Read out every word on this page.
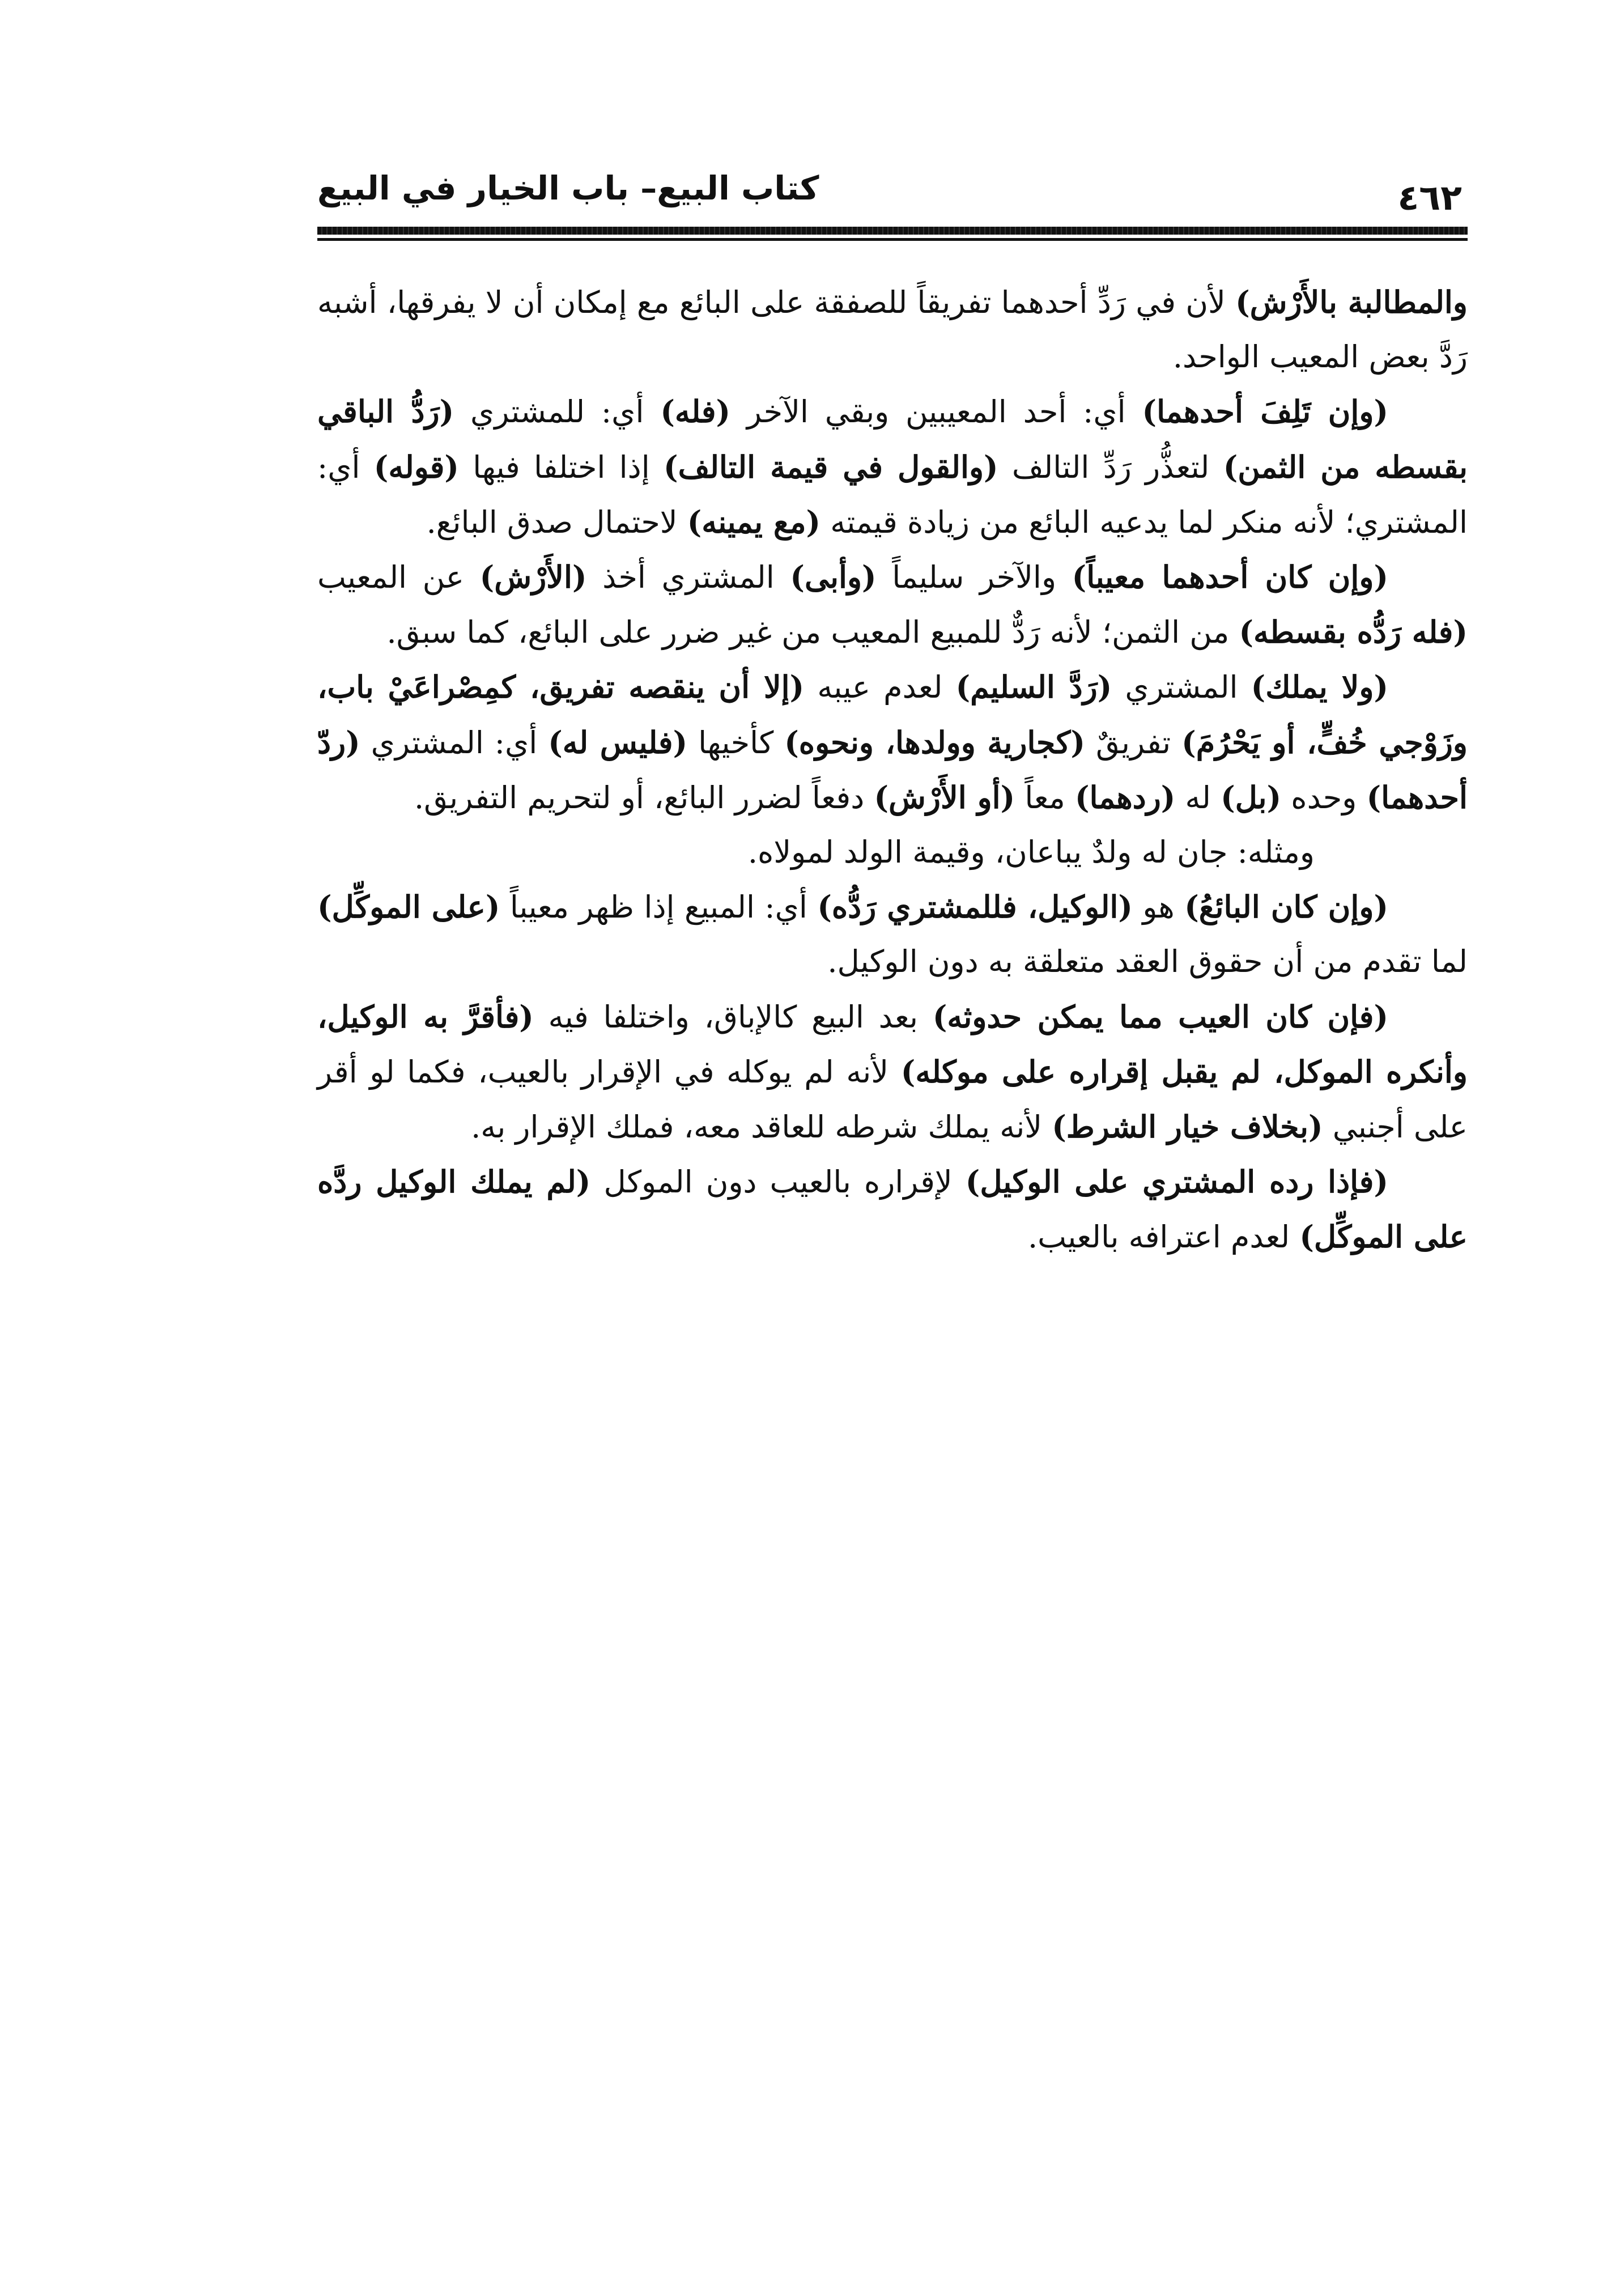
كتاب البيع– باب الخيار في البيع	٤٦٢

والمطالبة بالأَرْش) لأن في رَدِّ أحدهما تفريقاً للصفقة على البائع مع إمكان أن لا يفرقها، أشبه رَدَّ بعض المعيب الواحد.

(وإن تَلِفَ أحدهما) أي: أحد المعيبين وبقي الآخر (فله) أي: للمشتري (رَدُّ الباقي بقسطه من الثمن) لتعذُّر رَدِّ التالف (والقول في قيمة التالف) إذا اختلفا فيها (قوله) أي: المشتري؛ لأنه منكر لما يدعيه البائع من زيادة قيمته (مع يمينه) لاحتمال صدق البائع.

(وإن كان أحدهما معيباً) والآخر سليماً (وأبى) المشتري أخذ (الأَرْش) عن المعيب (فله رَدُّه بقسطه) من الثمن؛ لأنه رَدٌّ للمبيع المعيب من غير ضرر على البائع، كما سبق.

(ولا يملك) المشتري (رَدَّ السليم) لعدم عيبه (إلا أن ينقصه تفريق، كمِصْراعَيْ باب، وزَوْجي خُفٍّ، أو يَحْرُمَ) تفريقٌ (كجارية وولدها، ونحوه) كأخيها (فليس له) أي: المشتري (ردّ أحدهما) وحده (بل) له (ردهما) معاً (أو الأَرْش) دفعاً لضرر البائع، أو لتحريم التفريق.

ومثله: جان له ولدٌ يباعان، وقيمة الولد لمولاه.

(وإن كان البائعُ) هو (الوكيل، فللمشتري رَدُّه) أي: المبيع إذا ظهر معيباً (على الموكِّل) لما تقدم من أن حقوق العقد متعلقة به دون الوكيل.

(فإن كان العيب مما يمكن حدوثه) بعد البيع كالإباق، واختلفا فيه (فأقرَّ به الوكيل، وأنكره الموكل، لم يقبل إقراره على موكله) لأنه لم يوكله في الإقرار بالعيب، فكما لو أقر على أجنبي (بخلاف خيار الشرط) لأنه يملك شرطه للعاقد معه، فملك الإقرار به.

(فإذا رده المشتري على الوكيل) لإقراره بالعيب دون الموكل (لم يملك الوكيل ردَّه على الموكِّل) لعدم اعترافه بالعيب.
